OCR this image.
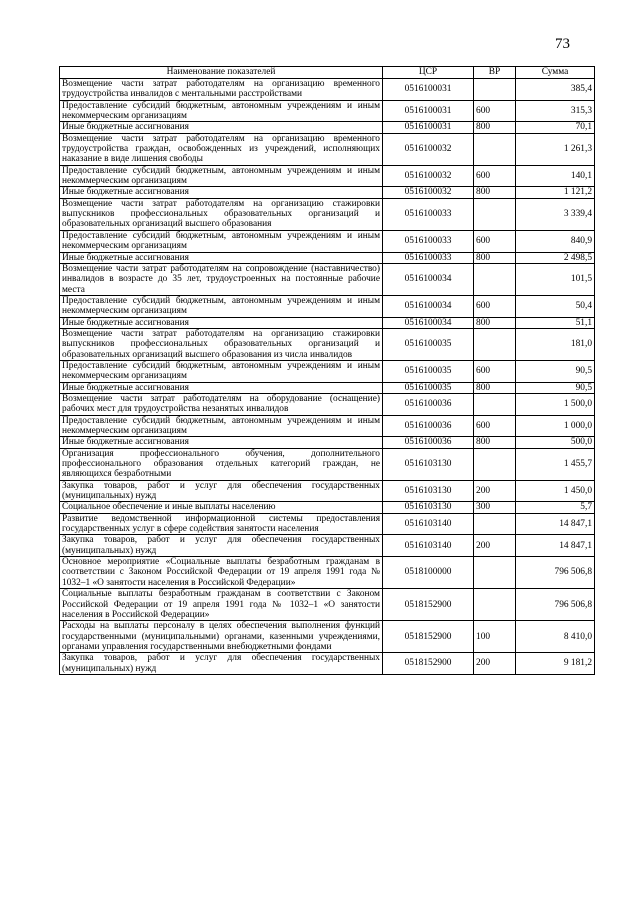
73
Наименование показателей	ЦСР	ВР	Сумма
Возмещение части затрат работодателям на организацию временного трудоустройства инвалидов с ментальными расстройствами	0516100031		385,4
Предоставление субсидий бюджетным, автономным учреждениям и иным некоммерческим организациям	0516100031	600	315,3
Иные бюджетные ассигнования	0516100031	800	70,1
Возмещение части затрат работодателям на организацию временного трудоустройства граждан, освобожденных из учреждений, исполняющих наказание в виде лишения свободы	0516100032		1 261,3
Предоставление субсидий бюджетным, автономным учреждениям и иным некоммерческим организациям	0516100032	600	140,1
Иные бюджетные ассигнования	0516100032	800	1 121,2
Возмещение части затрат работодателям на организацию стажировки выпускников профессиональных образовательных организаций и образовательных организаций высшего образования	0516100033		3 339,4
Предоставление субсидий бюджетным, автономным учреждениям и иным некоммерческим организациям	0516100033	600	840,9
Иные бюджетные ассигнования	0516100033	800	2 498,5
Возмещение части затрат работодателям на сопровождение (наставничество) инвалидов в возрасте до 35 лет, трудоустроенных на постоянные рабочие места	0516100034		101,5
Предоставление субсидий бюджетным, автономным учреждениям и иным некоммерческим организациям	0516100034	600	50,4
Иные бюджетные ассигнования	0516100034	800	51,1
Возмещение части затрат работодателям на организацию стажировки выпускников профессиональных образовательных организаций и образовательных организаций высшего образования из числа инвалидов	0516100035		181,0
Предоставление субсидий бюджетным, автономным учреждениям и иным некоммерческим организациям	0516100035	600	90,5
Иные бюджетные ассигнования	0516100035	800	90,5
Возмещение части затрат работодателям на оборудование (оснащение) рабочих мест для трудоустройства незанятых инвалидов	0516100036		1 500,0
Предоставление субсидий бюджетным, автономным учреждениям и иным некоммерческим организациям	0516100036	600	1 000,0
Иные бюджетные ассигнования	0516100036	800	500,0
Организация профессионального обучения, дополнительного профессионального образования отдельных категорий граждан, не являющихся безработными	0516103130		1 455,7
Закупка товаров, работ и услуг для обеспечения государственных (муниципальных) нужд	0516103130	200	1 450,0
Социальное обеспечение и иные выплаты населению	0516103130	300	5,7
Развитие ведомственной информационной системы предоставления государственных услуг в сфере содействия занятости населения	0516103140		14 847,1
Закупка товаров, работ и услуг для обеспечения государственных (муниципальных) нужд	0516103140	200	14 847,1
Основное мероприятие «Социальные выплаты безработным гражданам в соответствии с Законом Российской Федерации от 19 апреля 1991 года № 1032–1 «О занятости населения в Российской Федерации»	0518100000		796 506,8
Социальные выплаты безработным гражданам в соответствии с Законом Российской Федерации от 19 апреля 1991 года № 1032–1 «О занятости населения в Российской Федерации»	0518152900		796 506,8
Расходы на выплаты персоналу в целях обеспечения выполнения функций государственными (муниципальными) органами, казенными учреждениями, органами управления государственными внебюджетными фондами	0518152900	100	8 410,0
Закупка товаров, работ и услуг для обеспечения государственных (муниципальных) нужд	0518152900	200	9 181,2
